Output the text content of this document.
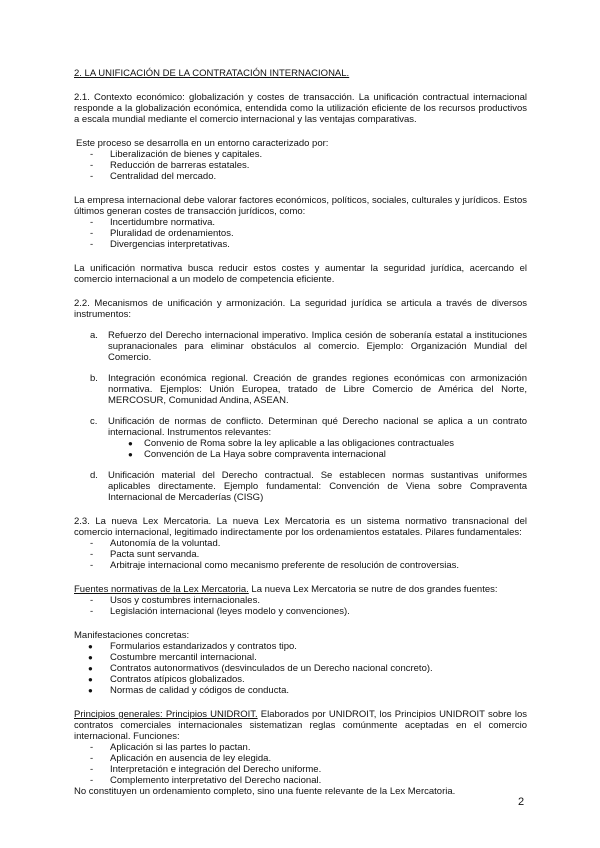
2. LA UNIFICACIÓN DE LA CONTRATACIÓN INTERNACIONAL.

2.1. Contexto económico: globalización y costes de transacción. La unificación contractual internacional responde a la globalización económica, entendida como la utilización eficiente de los recursos productivos a escala mundial mediante el comercio internacional y las ventajas comparativas.

Este proceso se desarrolla en un entorno caracterizado por:

- Liberalización de bienes y capitales.
- Reducción de barreras estatales.
- Centralidad del mercado.

La empresa internacional debe valorar factores económicos, políticos, sociales, culturales y jurídicos. Estos últimos generan costes de transacción jurídicos, como:

- Incertidumbre normativa.
- Pluralidad de ordenamientos.
- Divergencias interpretativas.

La unificación normativa busca reducir estos costes y aumentar la seguridad jurídica, acercando el comercio internacional a un modelo de competencia eficiente.

2.2. Mecanismos de unificación y armonización. La seguridad jurídica se articula a través de diversos instrumentos:

a. Refuerzo del Derecho internacional imperativo. Implica cesión de soberanía estatal a instituciones supranacionales para eliminar obstáculos al comercio. Ejemplo: Organización Mundial del Comercio.

b. Integración económica regional. Creación de grandes regiones económicas con armonización normativa. Ejemplos: Unión Europea, tratado de Libre Comercio de América del Norte, MERCOSUR, Comunidad Andina, ASEAN.

c. Unificación de normas de conflicto. Determinan qué Derecho nacional se aplica a un contrato internacional. Instrumentos relevantes:

● Convenio de Roma sobre la ley aplicable a las obligaciones contractuales
● Convención de La Haya sobre compraventa internacional
d. Unificación material del Derecho contractual. Se establecen normas sustantivas uniformes aplicables directamente. Ejemplo fundamental: Convención de Viena sobre Compraventa Internacional de Mercaderías (CISG)

2.3. La nueva Lex Mercatoria. La nueva Lex Mercatoria es un sistema normativo transnacional del comercio internacional, legitimado indirectamente por los ordenamientos estatales. Pilares fundamentales:

- Autonomía de la voluntad.
- Pacta sunt servanda.
- Arbitraje internacional como mecanismo preferente de resolución de controversias.

Fuentes normativas de la Lex Mercatoria. La nueva Lex Mercatoria se nutre de dos grandes fuentes:

- Usos y costumbres internacionales.
- Legislación internacional (leyes modelo y convenciones).

Manifestaciones concretas:

● Formularios estandarizados y contratos tipo.
● Costumbre mercantil internacional.
● Contratos autonormativos (desvinculados de un Derecho nacional concreto).
● Contratos atípicos globalizados.
● Normas de calidad y códigos de conducta.

Principios generales: Principios UNIDROIT. Elaborados por UNIDROIT, los Principios UNIDROIT sobre los contratos comerciales internacionales sistematizan reglas comúnmente aceptadas en el comercio internacional. Funciones:

- Aplicación si las partes lo pactan.
- Aplicación en ausencia de ley elegida.
- Interpretación e integración del Derecho uniforme.
- Complemento interpretativo del Derecho nacional.

No constituyen un ordenamiento completo, sino una fuente relevante de la Lex Mercatoria.

2
